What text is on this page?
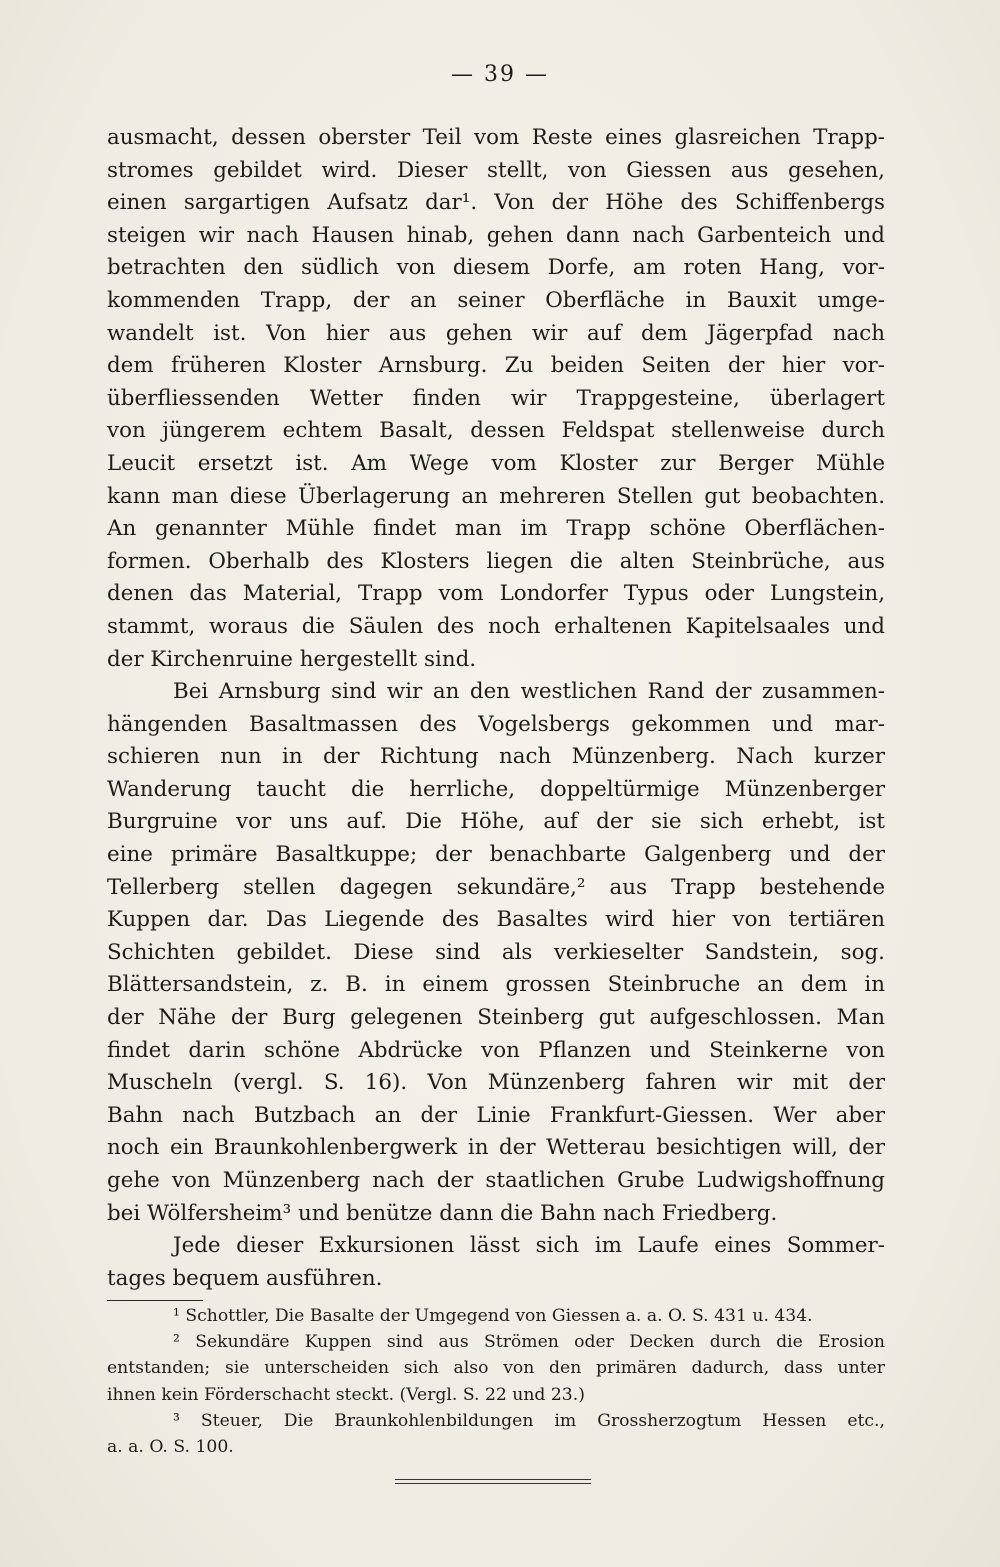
— 39 —
ausmacht, dessen oberster Teil vom Reste eines glasreichen Trapp-
stromes gebildet wird. Dieser stellt, von Giessen aus gesehen,
einen sargartigen Aufsatz dar¹. Von der Höhe des Schiffenbergs
steigen wir nach Hausen hinab, gehen dann nach Garbenteich und
betrachten den südlich von diesem Dorfe, am roten Hang, vor-
kommenden Trapp, der an seiner Oberfläche in Bauxit umge-
wandelt ist. Von hier aus gehen wir auf dem Jägerpfad nach
dem früheren Kloster Arnsburg. Zu beiden Seiten der hier vor-
überfliessenden Wetter finden wir Trappgesteine, überlagert
von jüngerem echtem Basalt, dessen Feldspat stellenweise durch
Leucit ersetzt ist. Am Wege vom Kloster zur Berger Mühle
kann man diese Überlagerung an mehreren Stellen gut beobachten.
An genannter Mühle findet man im Trapp schöne Oberflächen-
formen. Oberhalb des Klosters liegen die alten Steinbrüche, aus
denen das Material, Trapp vom Londorfer Typus oder Lungstein,
stammt, woraus die Säulen des noch erhaltenen Kapitelsaales und
der Kirchenruine hergestellt sind.
Bei Arnsburg sind wir an den westlichen Rand der zusammen-
hängenden Basaltmassen des Vogelsbergs gekommen und mar-
schieren nun in der Richtung nach Münzenberg. Nach kurzer
Wanderung taucht die herrliche, doppeltürmige Münzenberger
Burgruine vor uns auf. Die Höhe, auf der sie sich erhebt, ist
eine primäre Basaltkuppe; der benachbarte Galgenberg und der
Tellerberg stellen dagegen sekundäre,² aus Trapp bestehende
Kuppen dar. Das Liegende des Basaltes wird hier von tertiären
Schichten gebildet. Diese sind als verkieselter Sandstein, sog.
Blättersandstein, z. B. in einem grossen Steinbruche an dem in
der Nähe der Burg gelegenen Steinberg gut aufgeschlossen. Man
findet darin schöne Abdrücke von Pflanzen und Steinkerne von
Muscheln (vergl. S. 16). Von Münzenberg fahren wir mit der
Bahn nach Butzbach an der Linie Frankfurt-Giessen. Wer aber
noch ein Braunkohlenbergwerk in der Wetterau besichtigen will, der
gehe von Münzenberg nach der staatlichen Grube Ludwigshoffnung
bei Wölfersheim³ und benütze dann die Bahn nach Friedberg.
Jede dieser Exkursionen lässt sich im Laufe eines Sommer-
tages bequem ausführen.
¹ Schottler, Die Basalte der Umgegend von Giessen a. a. O. S. 431 u. 434.
² Sekundäre Kuppen sind aus Strömen oder Decken durch die Erosion
entstanden; sie unterscheiden sich also von den primären dadurch, dass unter
ihnen kein Förderschacht steckt. (Vergl. S. 22 und 23.)
³ Steuer, Die Braunkohlenbildungen im Grossherzogtum Hessen etc.,
a. a. O. S. 100.
